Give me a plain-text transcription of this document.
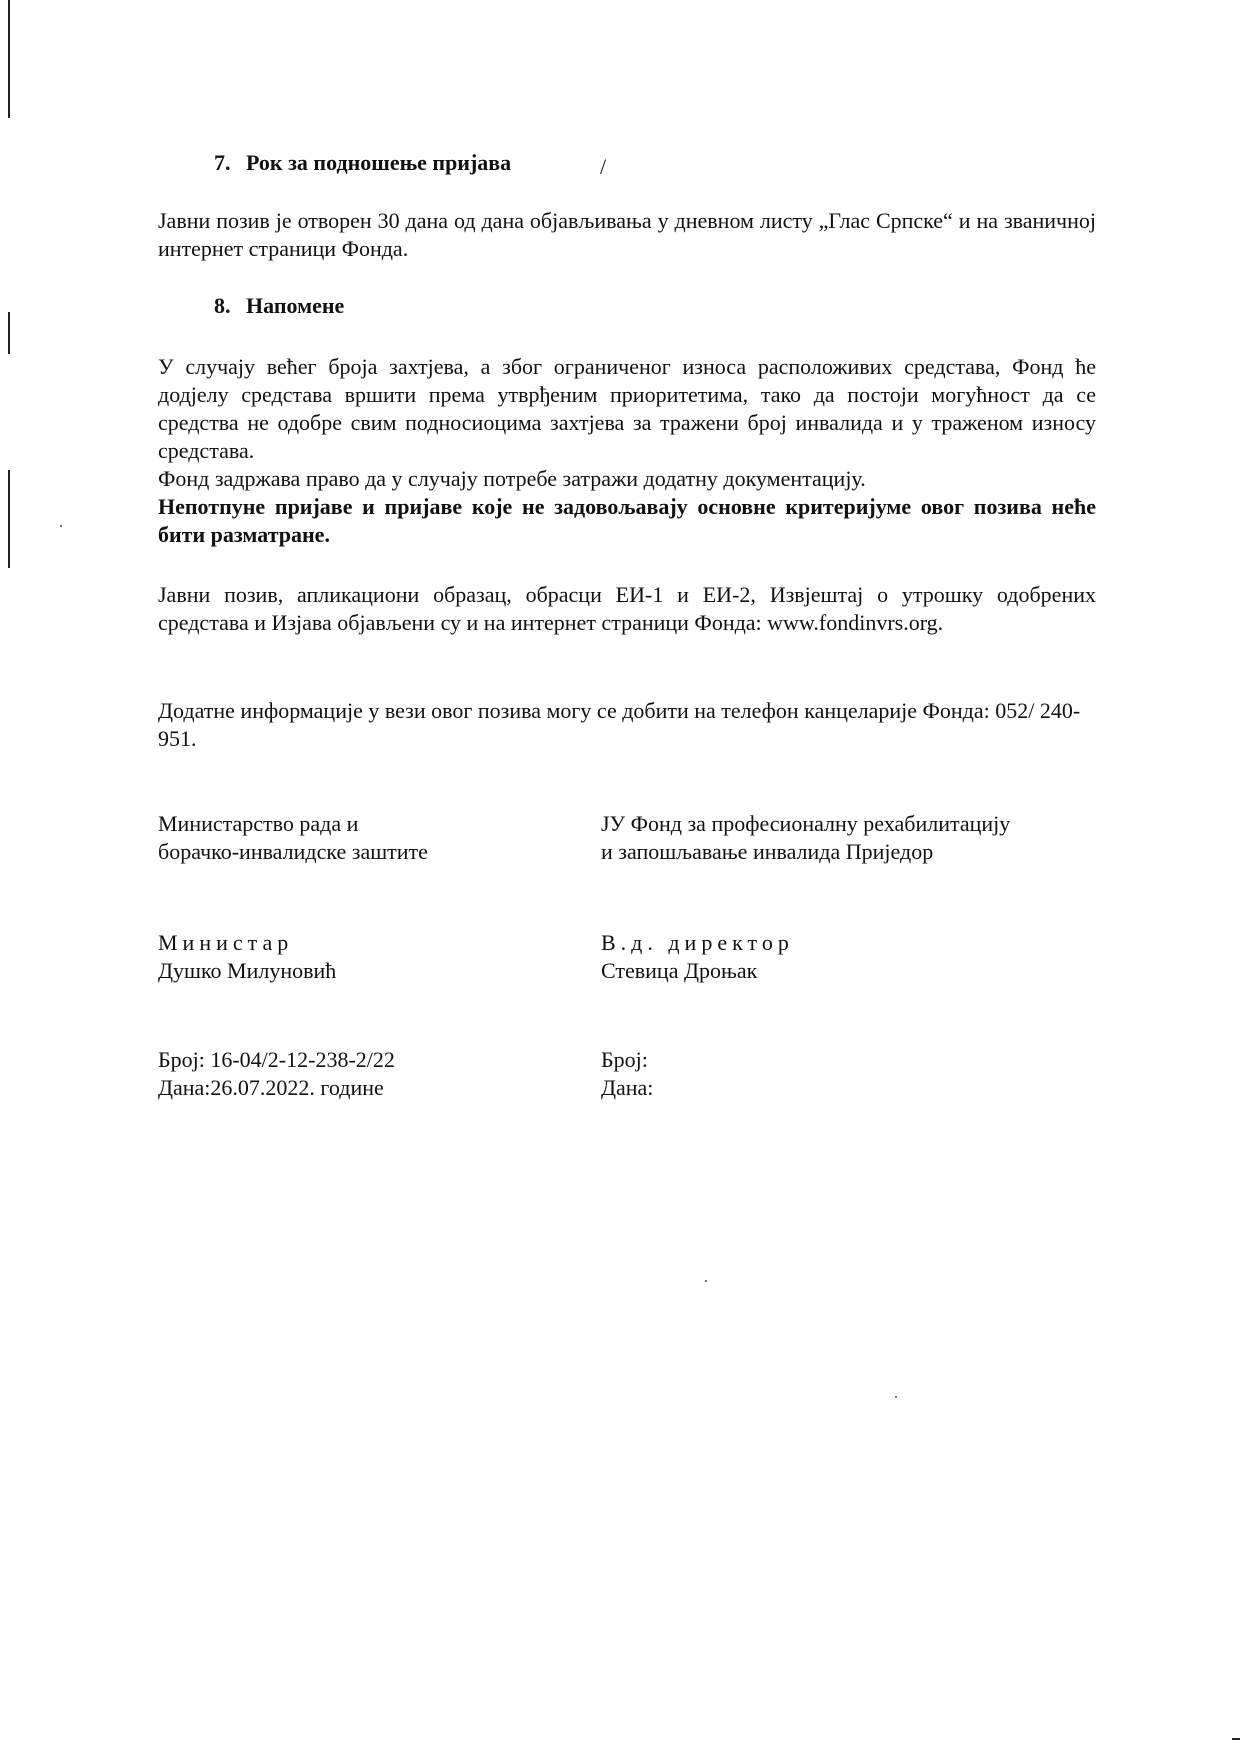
/
7. Рок за подношење пријава
Јавни позив је отворен 30 дана од дана објављивања у дневном листу „Глас Српске“ и на званичној интернет страници Фонда.
8. Напомене
У случају већег броја захтјева, а због ограниченог износа расположивих средстава, Фонд ће додјелу средстава вршити према утврђеним приоритетима, тако да постоји могућност да се средства не одобре свим подносиоцима захтјева за тражени број инвалида и у траженом износу средстава.
Фонд задржава право да у случају потребе затражи додатну документацију.
Непотпуне пријаве и пријаве које не задовољавају основне критеријуме овог позива неће бити разматране.
Јавни позив, апликациони образац, обрасци ЕИ-1 и ЕИ-2, Извјештај о утрошку одобрених средстава и Изјава објављени су и на интернет страници Фонда: www.fondinvrs.org.
Додатне информације у вези овог позива могу се добити на телефон канцеларије Фонда: 052/ 240-951.
Министарство рада и
борачко-инвалидске заштите
Министар
Душко Милуновић
Број: 16-04/2-12-238-2/22
Дана:26.07.2022. године
ЈУ Фонд за професионалну рехабилитацију
и запошљавање инвалида Приједор
В.д. директор
Стевица Дроњак
Број:
Дана:
